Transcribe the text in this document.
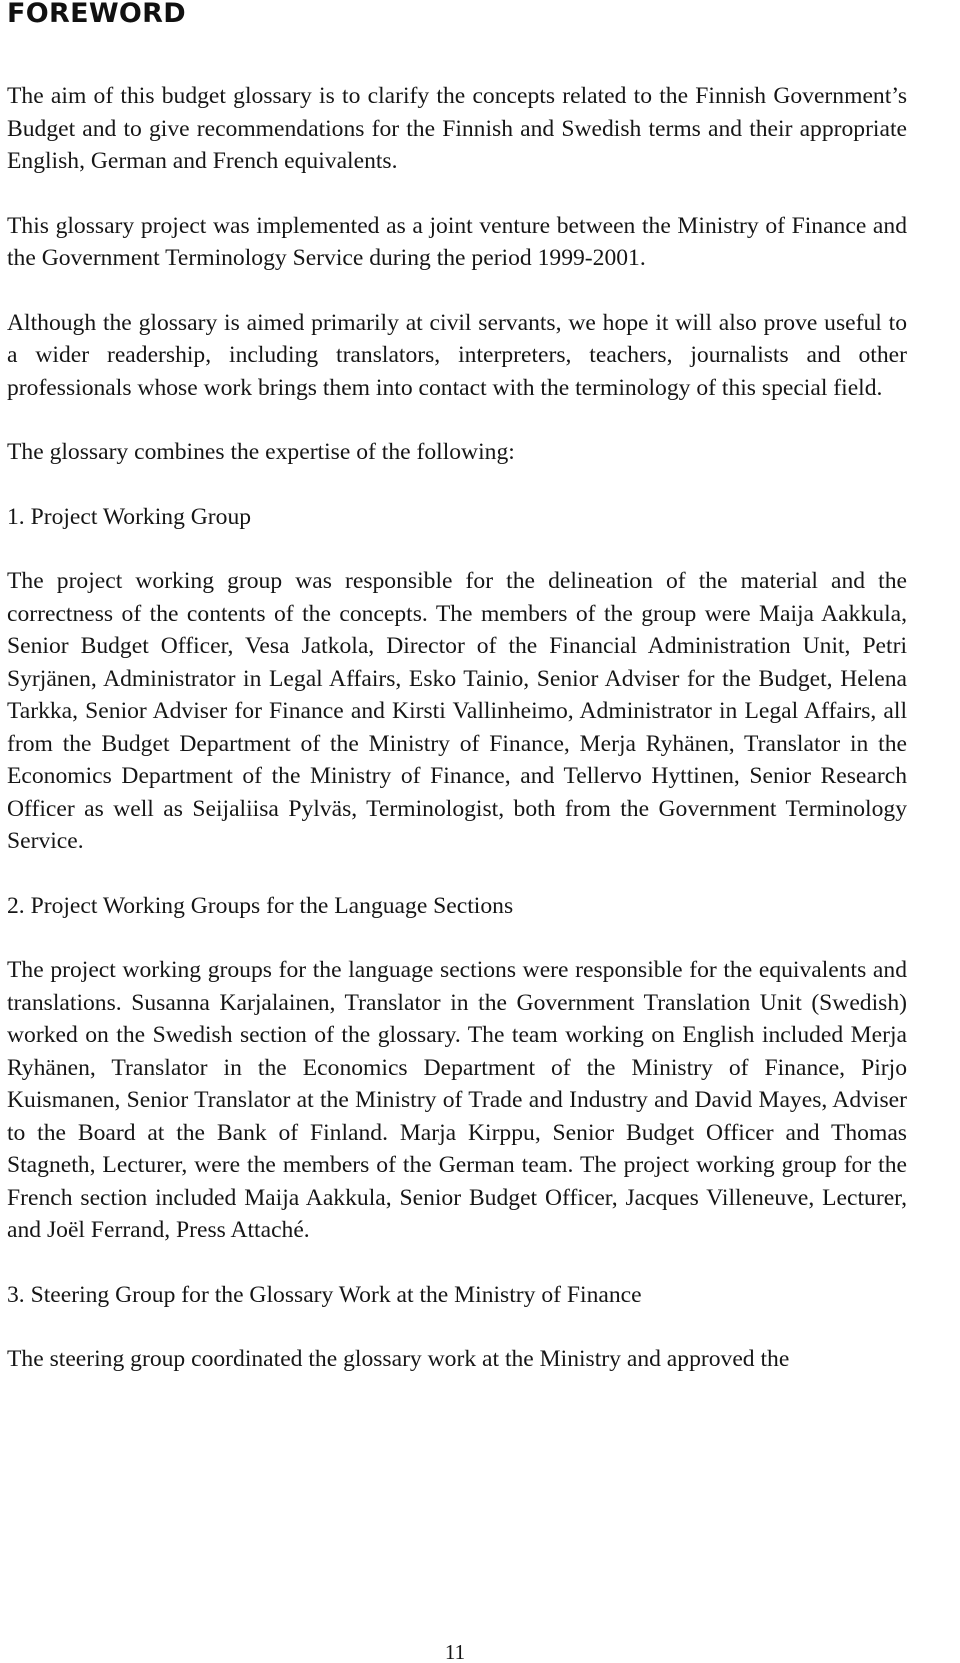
FOREWORD

The aim of this budget glossary is to clarify the concepts related to the Finnish Government’s Budget and to give recommendations for the Finnish and Swedish terms and their appropriate English, German and French equivalents.

This glossary project was implemented as a joint venture between the Ministry of Finance and the Government Terminology Service during the period 1999-2001.

Although the glossary is aimed primarily at civil servants, we hope it will also prove useful to a wider readership, including translators, interpreters, teachers, journalists and other professionals whose work brings them into contact with the terminology of this special field.

The glossary combines the expertise of the following:

1. Project Working Group

The project working group was responsible for the delineation of the material and the correctness of the contents of the concepts. The members of the group were Maija Aakkula, Senior Budget Officer, Vesa Jatkola, Director of the Financial Administration Unit, Petri Syrjänen, Administrator in Legal Affairs, Esko Tainio, Senior Adviser for the Budget, Helena Tarkka, Senior Adviser for Finance and Kirsti Vallinheimo, Administrator in Legal Affairs, all from the Budget Department of the Ministry of Finance, Merja Ryhänen, Translator in the Economics Department of the Ministry of Finance, and Tellervo Hyttinen, Senior Research Officer as well as Seijaliisa Pylväs, Terminologist, both from the Government Terminology Service.

2. Project Working Groups for the Language Sections

The project working groups for the language sections were responsible for the equivalents and translations. Susanna Karjalainen, Translator in the Government Translation Unit (Swedish) worked on the Swedish section of the glossary. The team working on English included Merja Ryhänen, Translator in the Economics Department of the Ministry of Finance, Pirjo Kuismanen, Senior Translator at the Ministry of Trade and Industry and David Mayes, Adviser to the Board at the Bank of Finland. Marja Kirppu, Senior Budget Officer and Thomas Stagneth, Lecturer, were the members of the German team. The project working group for the French section included Maija Aakkula, Senior Budget Officer, Jacques Villeneuve, Lecturer, and Joël Ferrand, Press Attaché.

3. Steering Group for the Glossary Work at the Ministry of Finance

The steering group coordinated the glossary work at the Ministry and approved the

11
